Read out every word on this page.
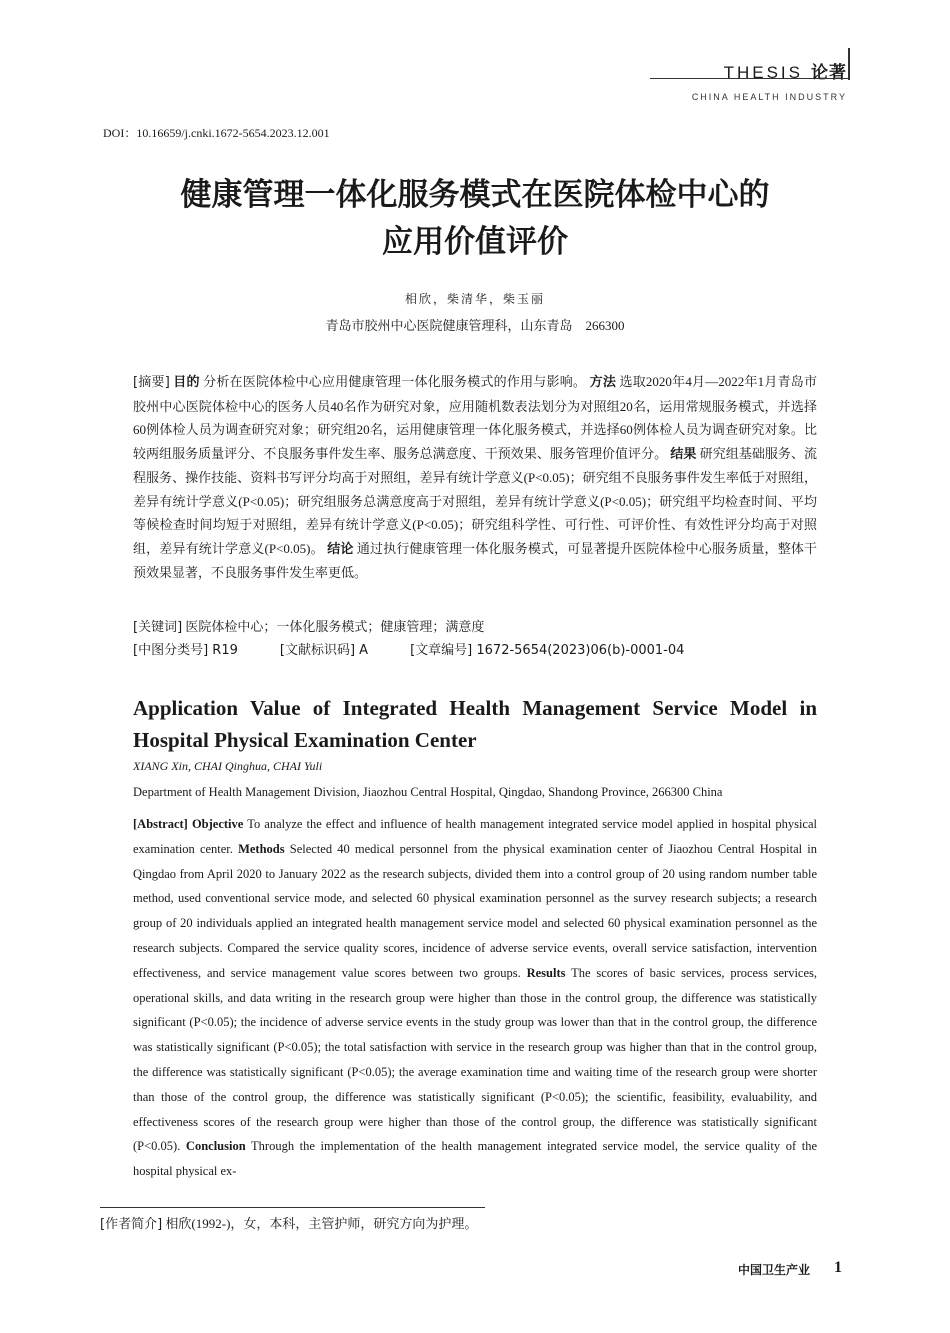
THESIS 论著
CHINA HEALTH INDUSTRY
DOI：10.16659/j.cnki.1672-5654.2023.12.001
健康管理一体化服务模式在医院体检中心的
应用价值评价
相欣，柴清华，柴玉丽
青岛市胶州中心医院健康管理科，山东青岛　266300
[摘要] 目的 分析在医院体检中心应用健康管理一体化服务模式的作用与影响。 方法 选取2020年4月—2022年1月青岛市胶州中心医院体检中心的医务人员40名作为研究对象，应用随机数表法划分为对照组20名，运用常规服务模式，并选择60例体检人员为调查研究对象；研究组20名，运用健康管理一体化服务模式，并选择60例体检人员为调查研究对象。比较两组服务质量评分、不良服务事件发生率、服务总满意度、干预效果、服务管理价值评分。 结果 研究组基础服务、流程服务、操作技能、资料书写评分均高于对照组，差异有统计学意义(P<0.05)；研究组不良服务事件发生率低于对照组，差异有统计学意义(P<0.05)；研究组服务总满意度高于对照组，差异有统计学意义(P<0.05)；研究组平均检查时间、平均等候检查时间均短于对照组，差异有统计学意义(P<0.05)；研究组科学性、可行性、可评价性、有效性评分均高于对照组，差异有统计学意义(P<0.05)。 结论 通过执行健康管理一体化服务模式，可显著提升医院体检中心服务质量，整体干预效果显著，不良服务事件发生率更低。
[关键词] 医院体检中心；一体化服务模式；健康管理；满意度
[中图分类号] R19	[文献标识码] A	[文章编号] 1672-5654(2023)06(b)-0001-04
Application Value of Integrated Health Management Service Model in Hospital Physical Examination Center
XIANG Xin, CHAI Qinghua, CHAI Yuli
Department of Health Management Division, Jiaozhou Central Hospital, Qingdao, Shandong Province, 266300 China
[Abstract] Objective To analyze the effect and influence of health management integrated service model applied in hospital physical examination center. Methods Selected 40 medical personnel from the physical examination center of Jiaozhou Central Hospital in Qingdao from April 2020 to January 2022 as the research subjects, divided them into a control group of 20 using random number table method, used conventional service mode, and selected 60 physical examination personnel as the survey research subjects; a research group of 20 individuals applied an integrated health management service model and selected 60 physical examination personnel as the research subjects. Compared the service quality scores, incidence of adverse service events, overall service satisfaction, intervention effectiveness, and service management value scores between two groups. Results The scores of basic services, process services, operational skills, and data writing in the research group were higher than those in the control group, the difference was statistically significant (P<0.05); the incidence of adverse service events in the study group was lower than that in the control group, the difference was statistically significant (P<0.05); the total satisfaction with service in the research group was higher than that in the control group, the difference was statistically significant (P<0.05); the average examination time and waiting time of the research group were shorter than those of the control group, the difference was statistically significant (P<0.05); the scientific, feasibility, evaluability, and effectiveness scores of the research group were higher than those of the control group, the difference was statistically significant (P<0.05). Conclusion Through the implementation of the health management integrated service model, the service quality of the hospital physical ex-
[作者简介] 相欣(1992-)，女，本科，主管护师，研究方向为护理。
中国卫生产业 1
